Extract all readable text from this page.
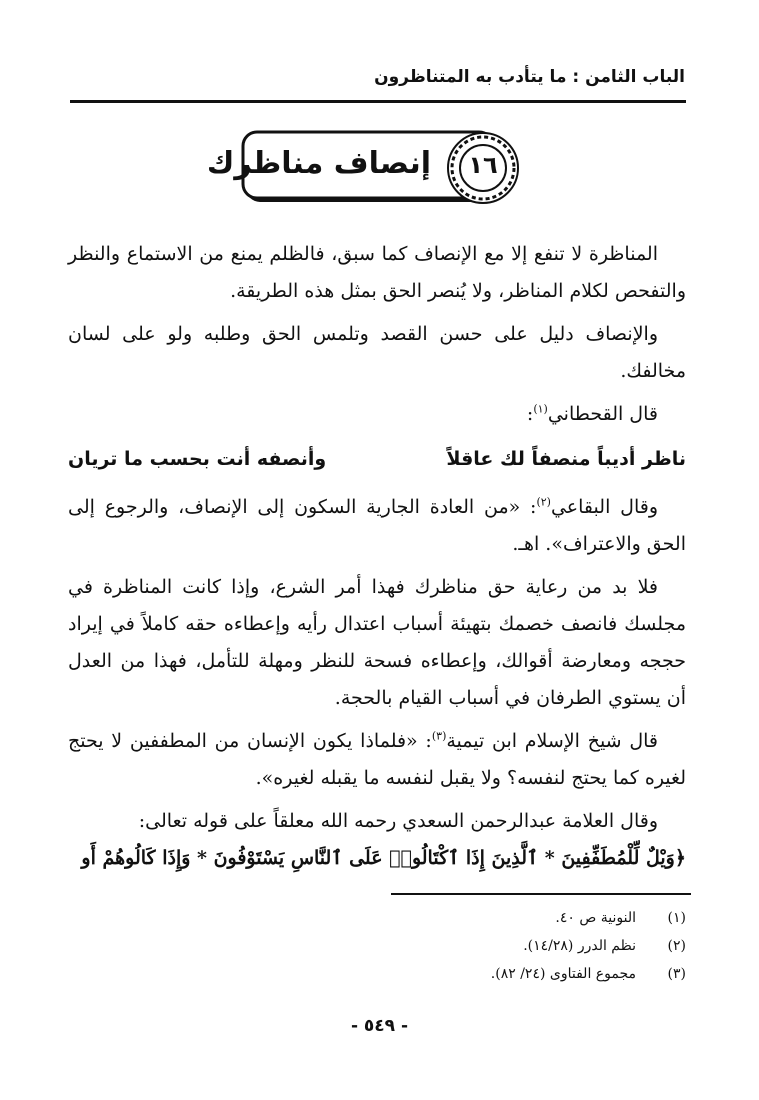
الباب الثامن : ما يتأدب به المتناظرون
إنصاف مناظرك	١٦

المناظرة لا تنفع إلا مع الإنصاف كما سبق، فالظلم يمنع من الاستماع والنظر والتفحص لكلام المناظر، ولا يُنصر الحق بمثل هذه الطريقة.

والإنصاف دليل على حسن القصد وتلمس الحق وطلبه ولو على لسان مخالفك.

قال القحطاني$^{(١)}$:

ناظر أديباً منصفاً لك عاقلاً
وأنصفه أنت بحسب ما تريان

وقال البقاعي$^{(٢)}$: «من العادة الجارية السكون إلى الإنصاف، والرجوع إلى الحق والاعتراف». اهـ.

فلا بد من رعاية حق مناظرك فهذا أمر الشرع، وإذا كانت المناظرة في مجلسك فانصف خصمك بتهيئة أسباب اعتدال رأيه وإعطاءه حقه كاملاً في إيراد حججه ومعارضة أقوالك، وإعطاءه فسحة للنظر ومهلة للتأمل، فهذا من العدل أن يستوي الطرفان في أسباب القيام بالحجة.

قال شيخ الإسلام ابن تيمية$^{(٣)}$: «فلماذا يكون الإنسان من المطففين لا يحتج لغيره كما يحتج لنفسه؟ ولا يقبل لنفسه ما يقبله لغيره».

وقال العلامة عبدالرحمن السعدي رحمه الله معلقاً على قوله تعالى:

﴿وَيْلٌ لِّلْمُطَفِّفِينَ * ٱلَّذِينَ إِذَا ٱكْتَالُوا۟ عَلَى ٱلنَّاسِ يَسْتَوْفُونَ * وَإِذَا كَالُوهُمْ أَو

(١)
النونية ص ٤٠.
(٢)
نظم الدرر (١٤/٢٨).
(٣)
مجموع الفتاوى (٢٤/ ٨٢).
- ٥٤٩ -
